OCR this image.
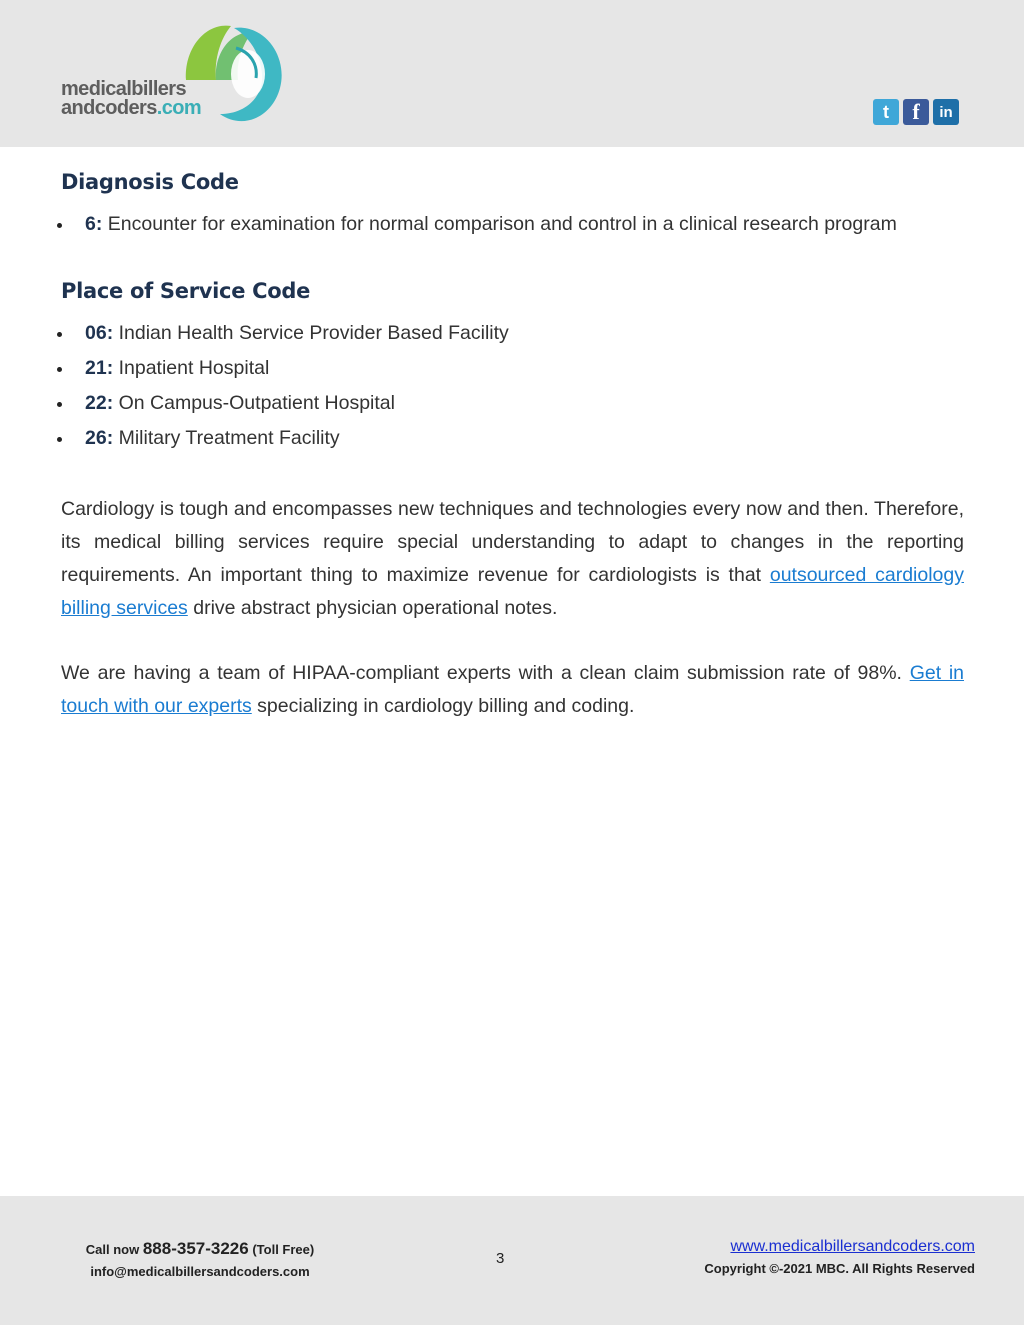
medicalbillers
andcoders.com	t	f	in
Diagnosis Code
6: Encounter for examination for normal comparison and control in a clinical research program
Place of Service Code
06: Indian Health Service Provider Based Facility
21: Inpatient Hospital
22: On Campus-Outpatient Hospital
26: Military Treatment Facility

Cardiology is tough and encompasses new techniques and technologies every now and then. Therefore, its medical billing services require special understanding to adapt to changes in the reporting requirements. An important thing to maximize revenue for cardiologists is that outsourced cardiology billing services drive abstract physician operational notes.

We are having a team of HIPAA-compliant experts with a clean claim submission rate of 98%. Get in touch with our experts specializing in cardiology billing and coding.

Call now 888-357-3226 (Toll Free)
info@medicalbillersandcoders.com
3
www.medicalbillersandcoders.com
Copyright ©-2021 MBC. All Rights Reserved
